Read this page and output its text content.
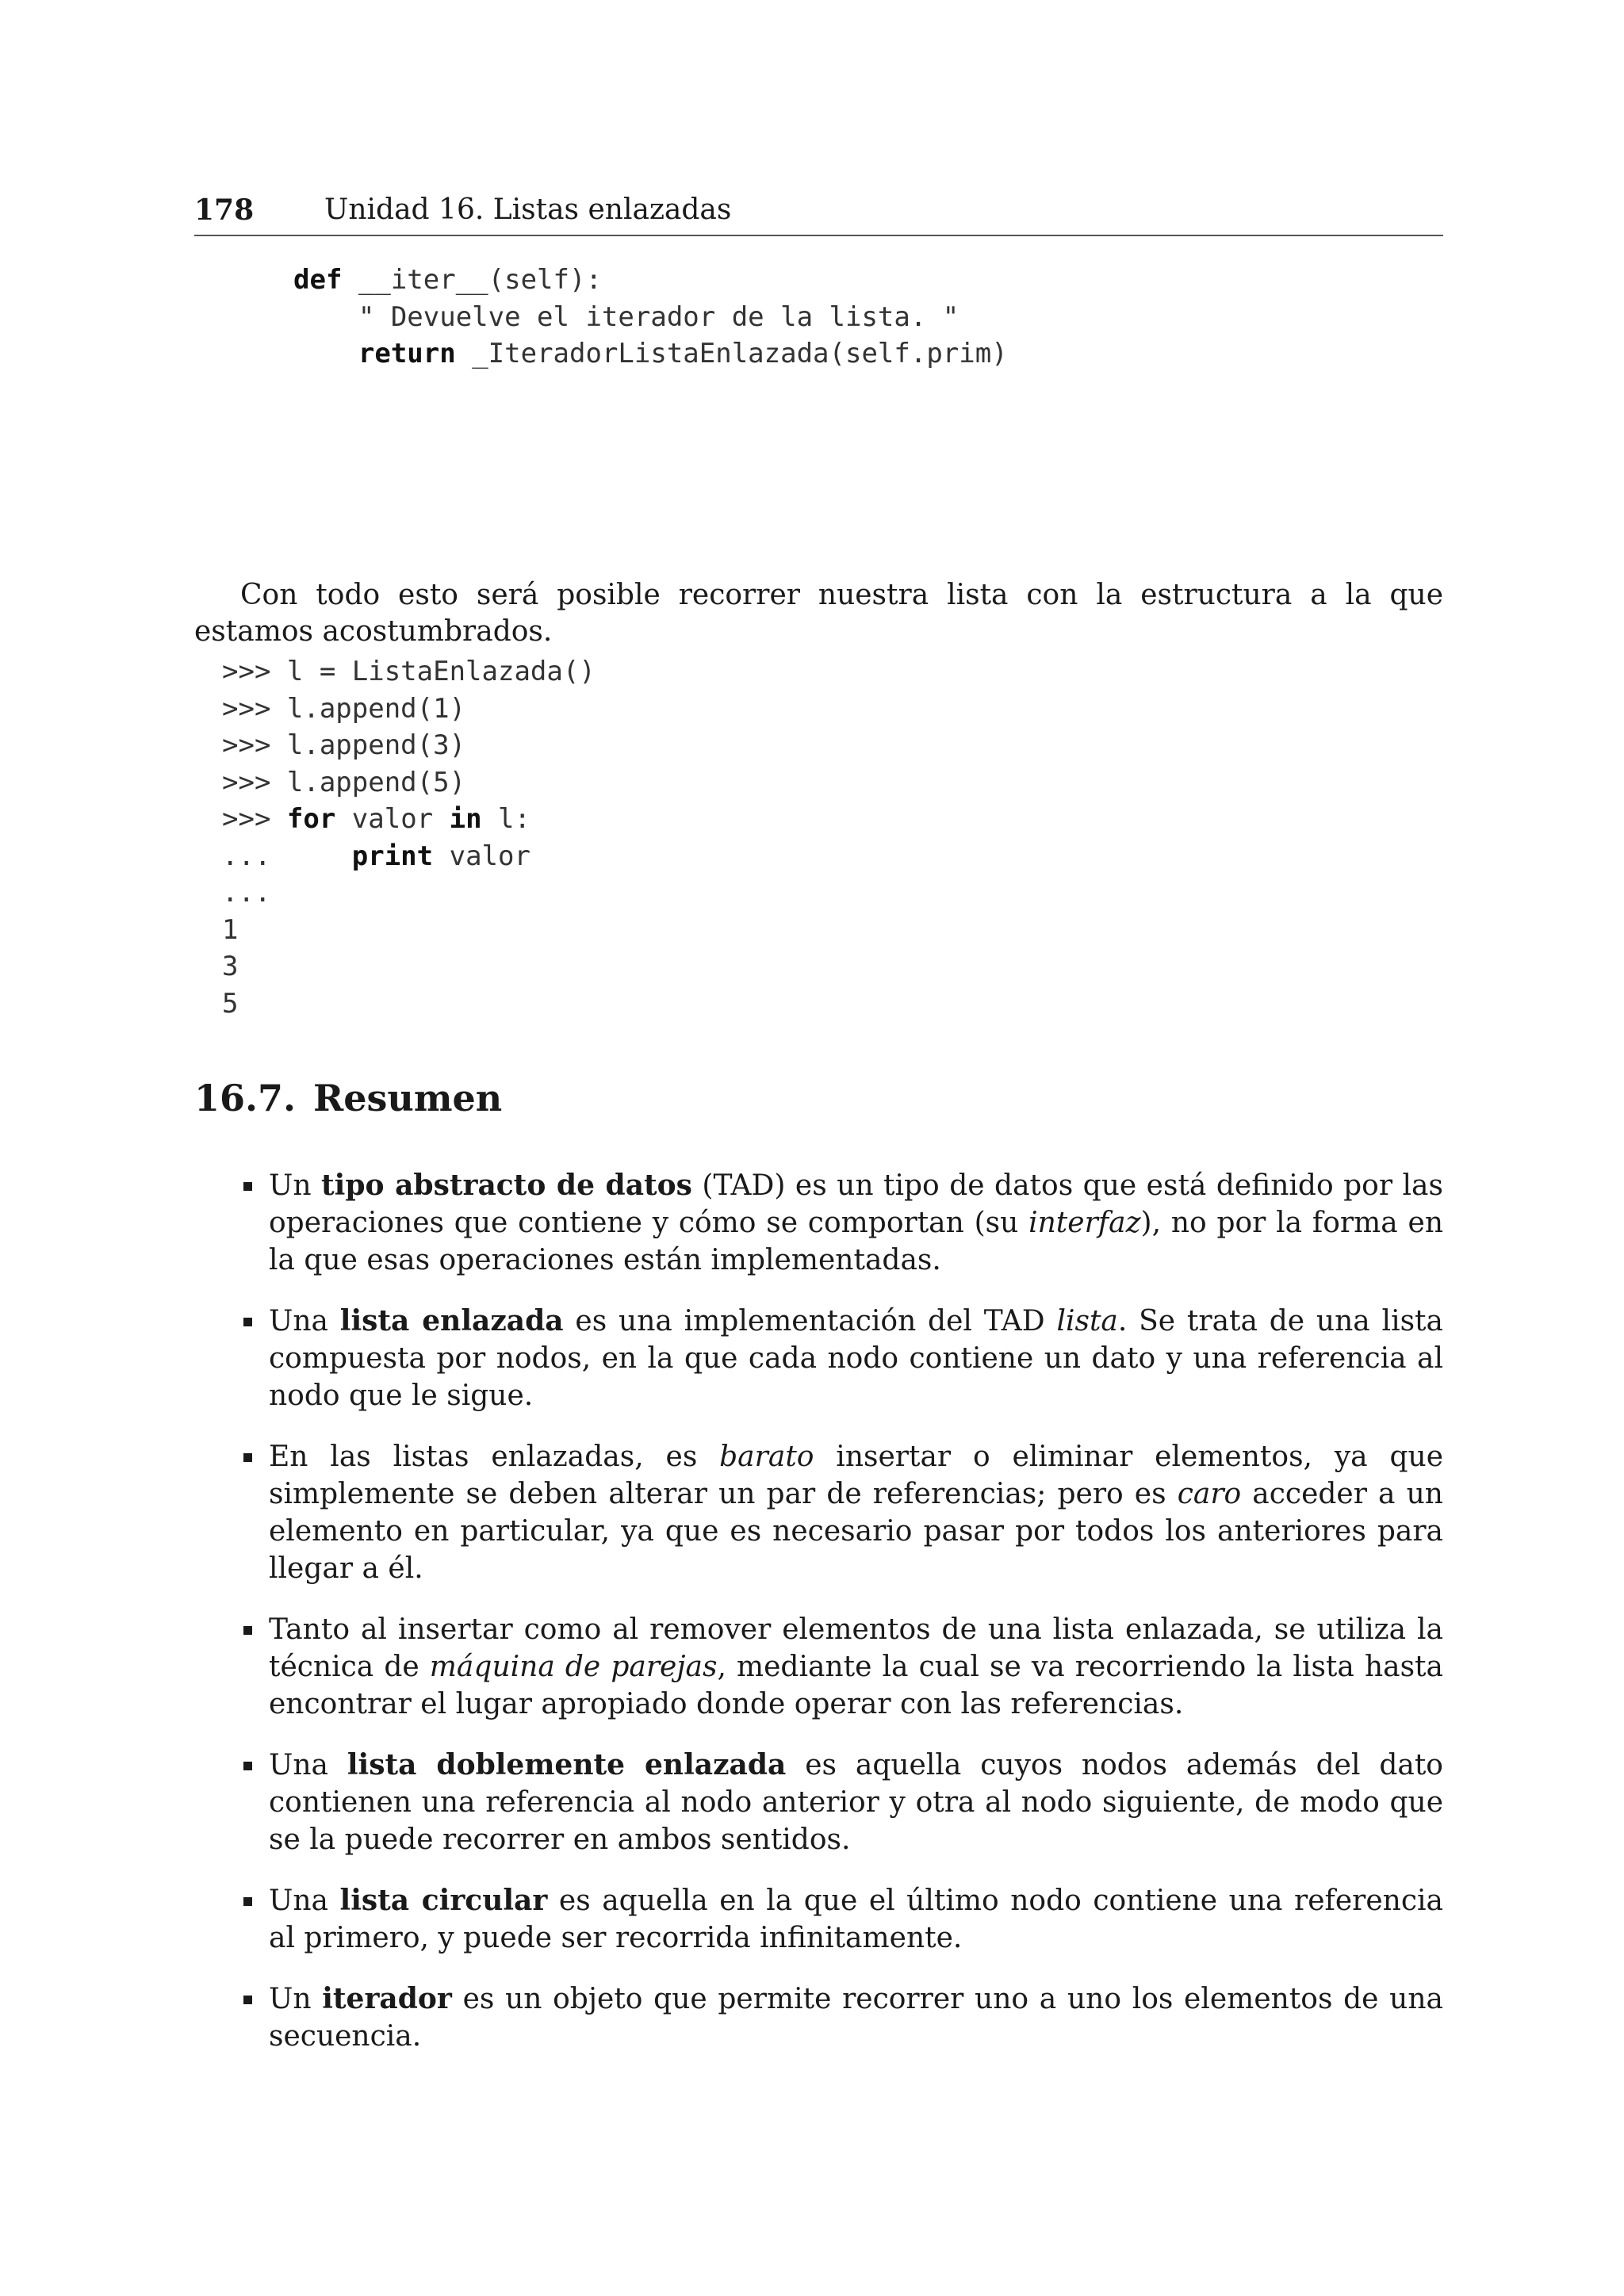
178 Unidad 16. Listas enlazadas
def __iter__(self):
" Devuelve el iterador de la lista. "
return _IteradorListaEnlazada(self.prim)

Con todo esto será posible recorrer nuestra lista con la estructura a la que estamos acostumbrados.

>>> l = ListaEnlazada()
>>> l.append(1)
>>> l.append(3)
>>> l.append(5)
>>> for valor in l:
...     print valor
...
1
3
5
16.7. Resumen
Un tipo abstracto de datos (TAD) es un tipo de datos que está definido por las operaciones que contiene y cómo se comportan (su interfaz), no por la forma en la que esas operaciones están implementadas.
Una lista enlazada es una implementación del TAD lista. Se trata de una lista compuesta por nodos, en la que cada nodo contiene un dato y una referencia al nodo que le sigue.
En las listas enlazadas, es barato insertar o eliminar elementos, ya que simplemente se deben alterar un par de referencias; pero es caro acceder a un elemento en particular, ya que es necesario pasar por todos los anteriores para llegar a él.
Tanto al insertar como al remover elementos de una lista enlazada, se utiliza la técnica de máquina de parejas, mediante la cual se va recorriendo la lista hasta encontrar el lugar apropiado donde operar con las referencias.
Una lista doblemente enlazada es aquella cuyos nodos además del dato contienen una referencia al nodo anterior y otra al nodo siguiente, de modo que se la puede recorrer en ambos sentidos.
Una lista circular es aquella en la que el último nodo contiene una referencia al primero, y puede ser recorrida infinitamente.
Un iterador es un objeto que permite recorrer uno a uno los elementos de una secuencia.
